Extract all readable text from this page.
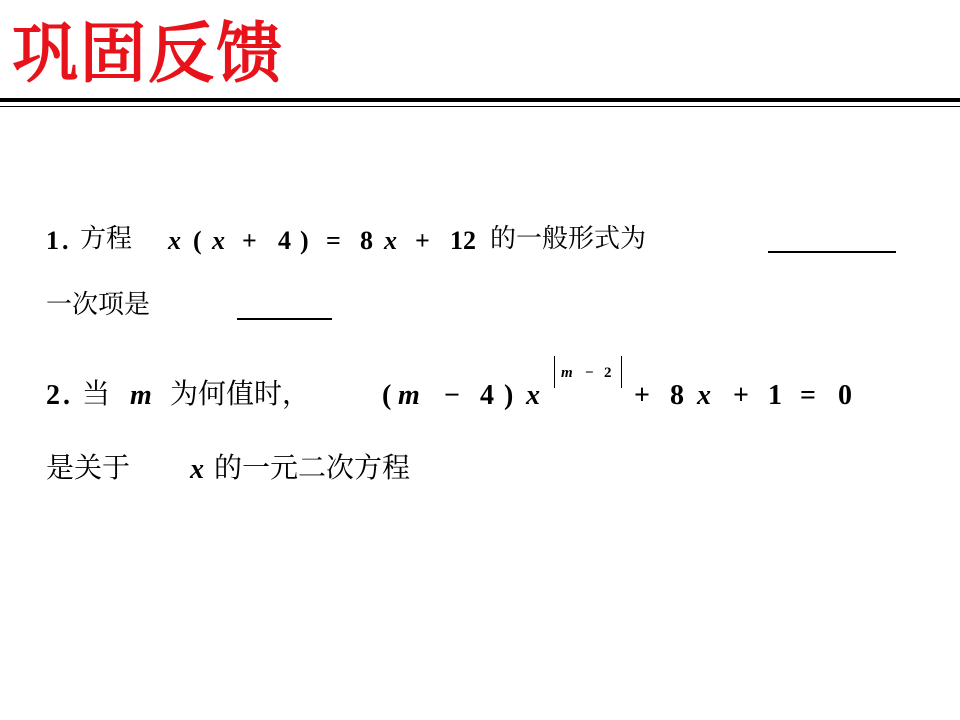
巩固反馈
1 . 方程 x ( x + 4 ) = 8 x + 12 的一般形式为
一次项是
2 . 当 m 为何值时，	( m − 4 ) x
m − 2
+ 8 x + 1 = 0
是关于 x 的一元二次方程
